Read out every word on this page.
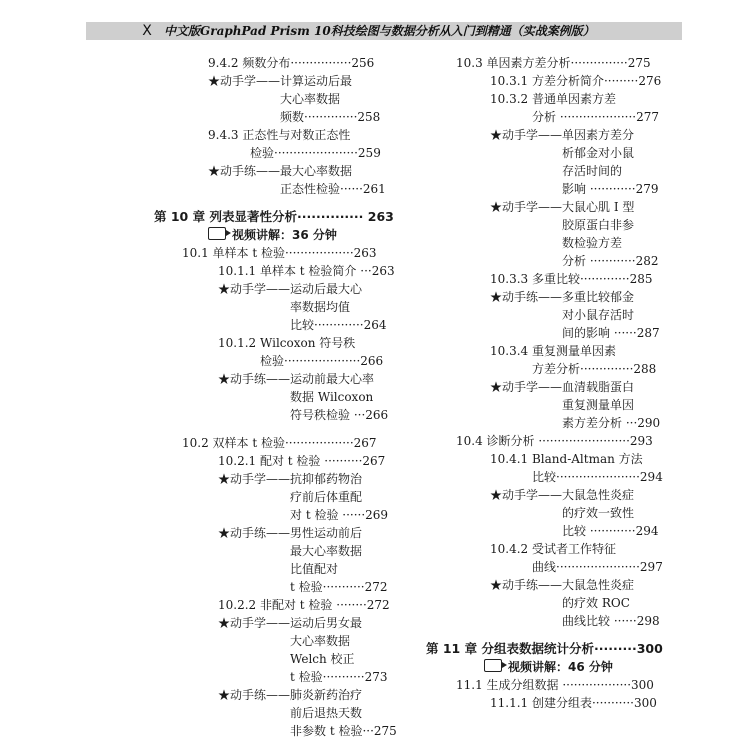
X	中文版GraphPad Prism 10科技绘图与数据分析从入门到精通（实战案例版）
9.4.2 频数分布················256
★动手学——计算运动后最
大心率数据
频数··············258
9.4.3 正态性与对数正态性
检验······················259
★动手练——最大心率数据
正态性检验······261
第 10 章 列表显著性分析·············· 263
视频讲解：36 分钟
10.1 单样本 t 检验··················263
10.1.1 单样本 t 检验简介 ···263
★动手学——运动后最大心
率数据均值
比较·············264
10.1.2 Wilcoxon 符号秩
检验····················266
★动手练——运动前最大心率
数据 Wilcoxon
符号秩检验 ···266
10.2 双样本 t 检验··················267
10.2.1 配对 t 检验 ··········267
★动手学——抗抑郁药物治
疗前后体重配
对 t 检验 ······269
★动手练——男性运动前后
最大心率数据
比值配对
t 检验···········272
10.2.2 非配对 t 检验 ········272
★动手学——运动后男女最
大心率数据
Welch 校正
t 检验···········273
★动手练——肺炎新药治疗
前后退热天数
非参数 t 检验···275
10.3 单因素方差分析···············275
10.3.1 方差分析简介·········276
10.3.2 普通单因素方差
分析 ····················277
★动手学——单因素方差分
析郁金对小鼠
存活时间的
影响 ············279
★动手学——大鼠心肌 I 型
胶原蛋白非参
数检验方差
分析 ············282
10.3.3 多重比较·············285
★动手练——多重比较郁金
对小鼠存活时
间的影响 ······287
10.3.4 重复测量单因素
方差分析··············288
★动手学——血清载脂蛋白
重复测量单因
素方差分析 ···290
10.4 诊断分析 ························293
10.4.1 Bland-Altman 方法
比较······················294
★动手学——大鼠急性炎症
的疗效一致性
比较 ············294
10.4.2 受试者工作特征
曲线······················297
★动手练——大鼠急性炎症
的疗效 ROC
曲线比较 ······298
第 11 章 分组表数据统计分析·········300
视频讲解：46 分钟
11.1 生成分组数据 ··················300
11.1.1 创建分组表···········300
